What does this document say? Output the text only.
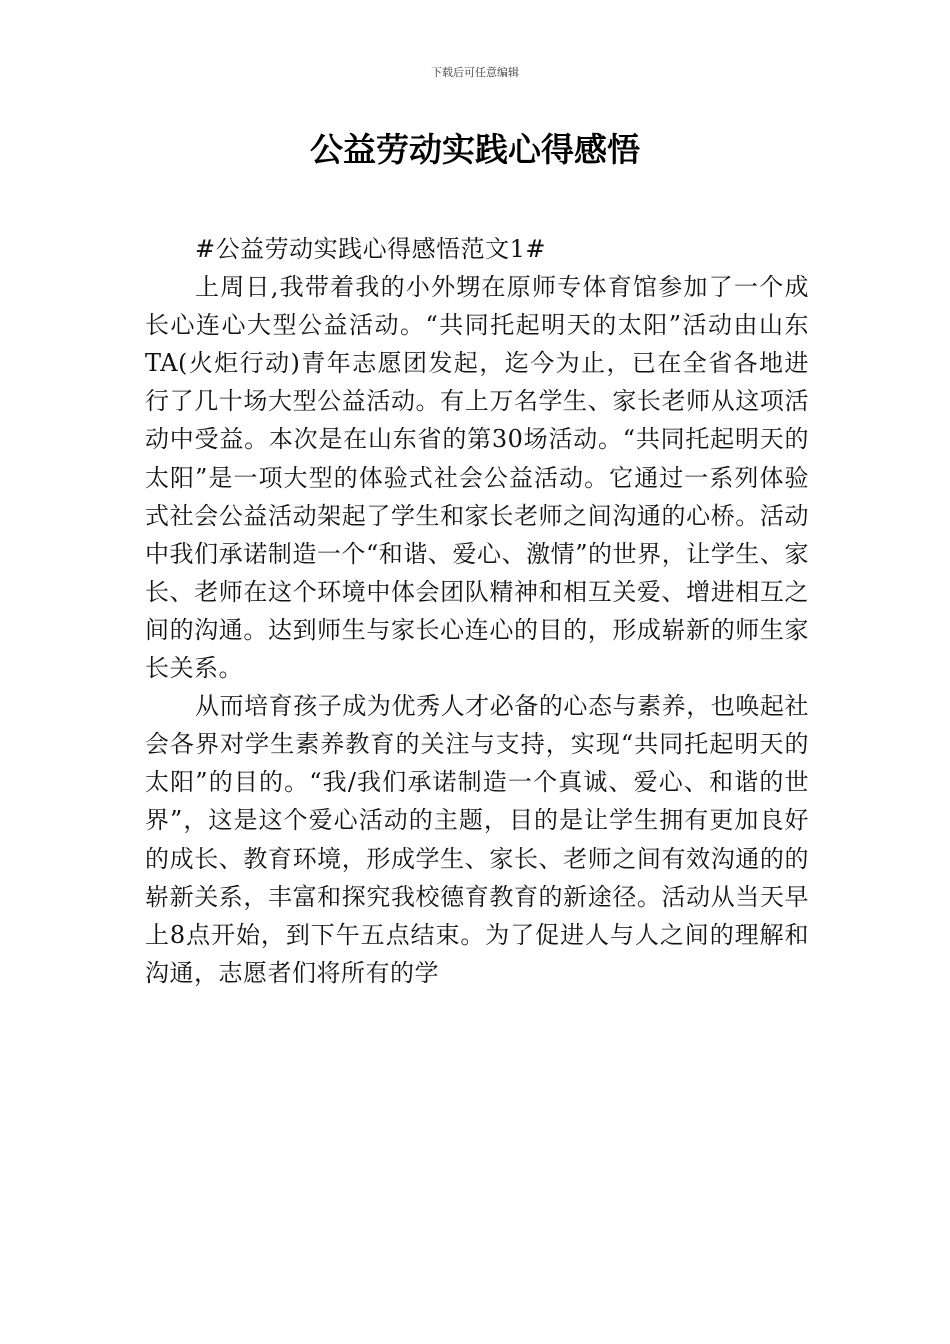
下载后可任意编辑
公益劳动实践心得感悟

#公益劳动实践心得感悟范文1#

上周日,我带着我的小外甥在原师专体育馆参加了一个成长心连心大型公益活动。“共同托起明天的太阳”活动由山东TA(火炬行动)青年志愿团发起，迄今为止，已在全省各地进行了几十场大型公益活动。有上万名学生、家长老师从这项活动中受益。本次是在山东省的第30场活动。“共同托起明天的太阳”是一项大型的体验式社会公益活动。它通过一系列体验式社会公益活动架起了学生和家长老师之间沟通的心桥。活动中我们承诺制造一个“和谐、爱心、激情”的世界，让学生、家长、老师在这个环境中体会团队精神和相互关爱、增进相互之间的沟通。达到师生与家长心连心的目的，形成崭新的师生家长关系。

从而培育孩子成为优秀人才必备的心态与素养，也唤起社会各界对学生素养教育的关注与支持，实现“共同托起明天的太阳”的目的。“我/我们承诺制造一个真诚、爱心、和谐的世界”，这是这个爱心活动的主题，目的是让学生拥有更加良好的成长、教育环境，形成学生、家长、老师之间有效沟通的的崭新关系，丰富和探究我校德育教育的新途径。活动从当天早上8点开始，到下午五点结束。为了促进人与人之间的理解和沟通，志愿者们将所有的学
